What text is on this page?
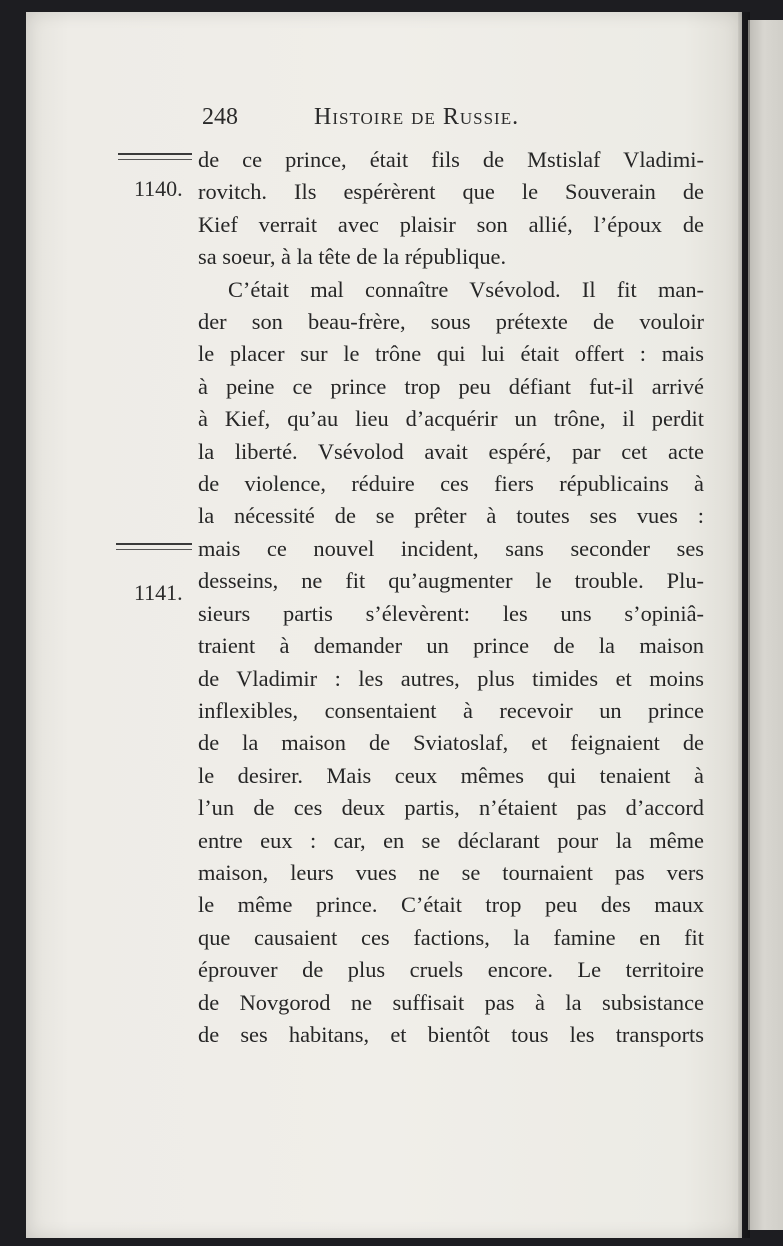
248	Histoire de Russie.
1140.
1141.
de ce prince, était fils de Mstislaf Vladimi-
rovitch. Ils espérèrent que le Souverain de
Kief verrait avec plaisir son allié, l’époux de
sa soeur, à la tête de la république.
C’était mal connaître Vsévolod. Il fit man-
der son beau-frère, sous prétexte de vouloir
le placer sur le trône qui lui était offert : mais
à peine ce prince trop peu défiant fut-il arrivé
à Kief, qu’au lieu d’acquérir un trône, il perdit
la liberté. Vsévolod avait espéré, par cet acte
de violence, réduire ces fiers républicains à
la nécessité de se prêter à toutes ses vues :
mais ce nouvel incident, sans seconder ses
desseins, ne fit qu’augmenter le trouble. Plu-
sieurs partis s’élevèrent: les uns s’opiniâ-
traient à demander un prince de la maison
de Vladimir : les autres, plus timides et moins
inflexibles, consentaient à recevoir un prince
de la maison de Sviatoslaf, et feignaient de
le desirer. Mais ceux mêmes qui tenaient à
l’un de ces deux partis, n’étaient pas d’accord
entre eux : car, en se déclarant pour la même
maison, leurs vues ne se tournaient pas vers
le même prince. C’était trop peu des maux
que causaient ces factions, la famine en fit
éprouver de plus cruels encore. Le territoire
de Novgorod ne suffisait pas à la subsistance
de ses habitans, et bientôt tous les transports
